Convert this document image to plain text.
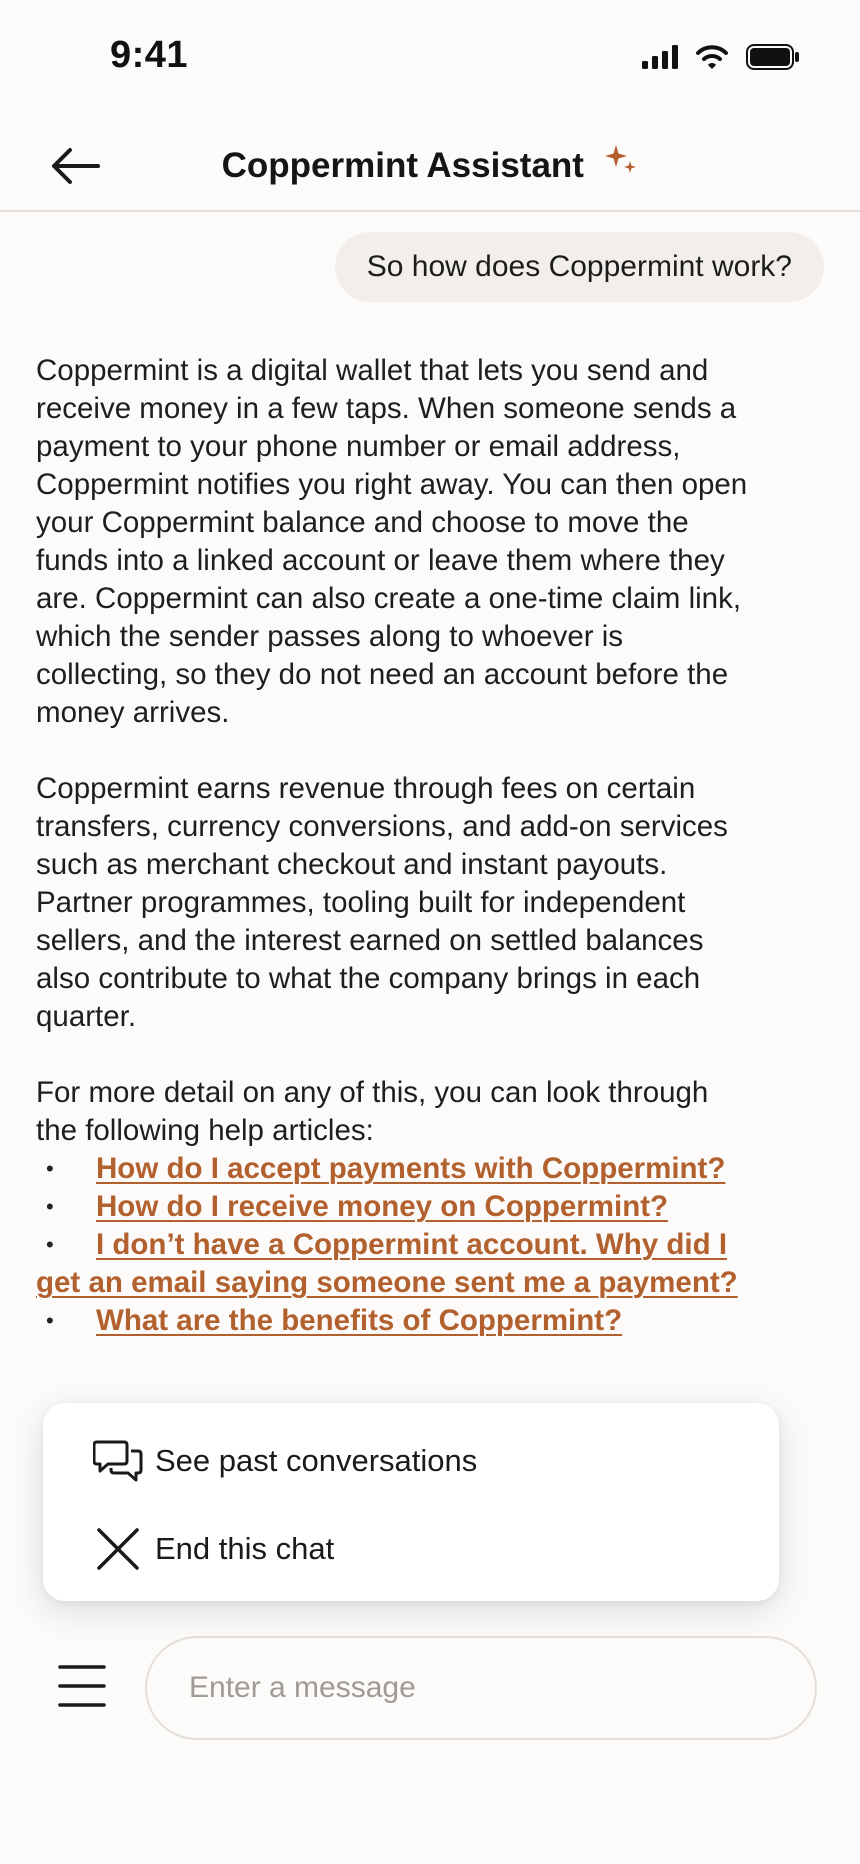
9:41
Coppermint Assistant
So how does Coppermint work?

Coppermint is a digital wallet that lets you send and receive money in a few taps. When someone sends a payment to your phone number or email address, Coppermint notifies you right away. You can then open your Coppermint balance and choose to move the funds into a linked account or leave them where they are. Coppermint can also create a one-time claim link, which the sender passes along to whoever is collecting, so they do not need an account before the money arrives.

Coppermint earns revenue through fees on certain transfers, currency conversions, and add-on services such as merchant checkout and instant payouts. Partner programmes, tooling built for independent sellers, and the interest earned on settled balances also contribute to what the company brings in each quarter.

For more detail on any of this, you can look through the following help articles:

• How do I accept payments with Coppermint?
• How do I receive money on Coppermint?
• I don’t have a Coppermint account. Why did I get an email saying someone sent me a payment?
• What are the benefits of Coppermint?
See past conversations
End this chat
Enter a message
